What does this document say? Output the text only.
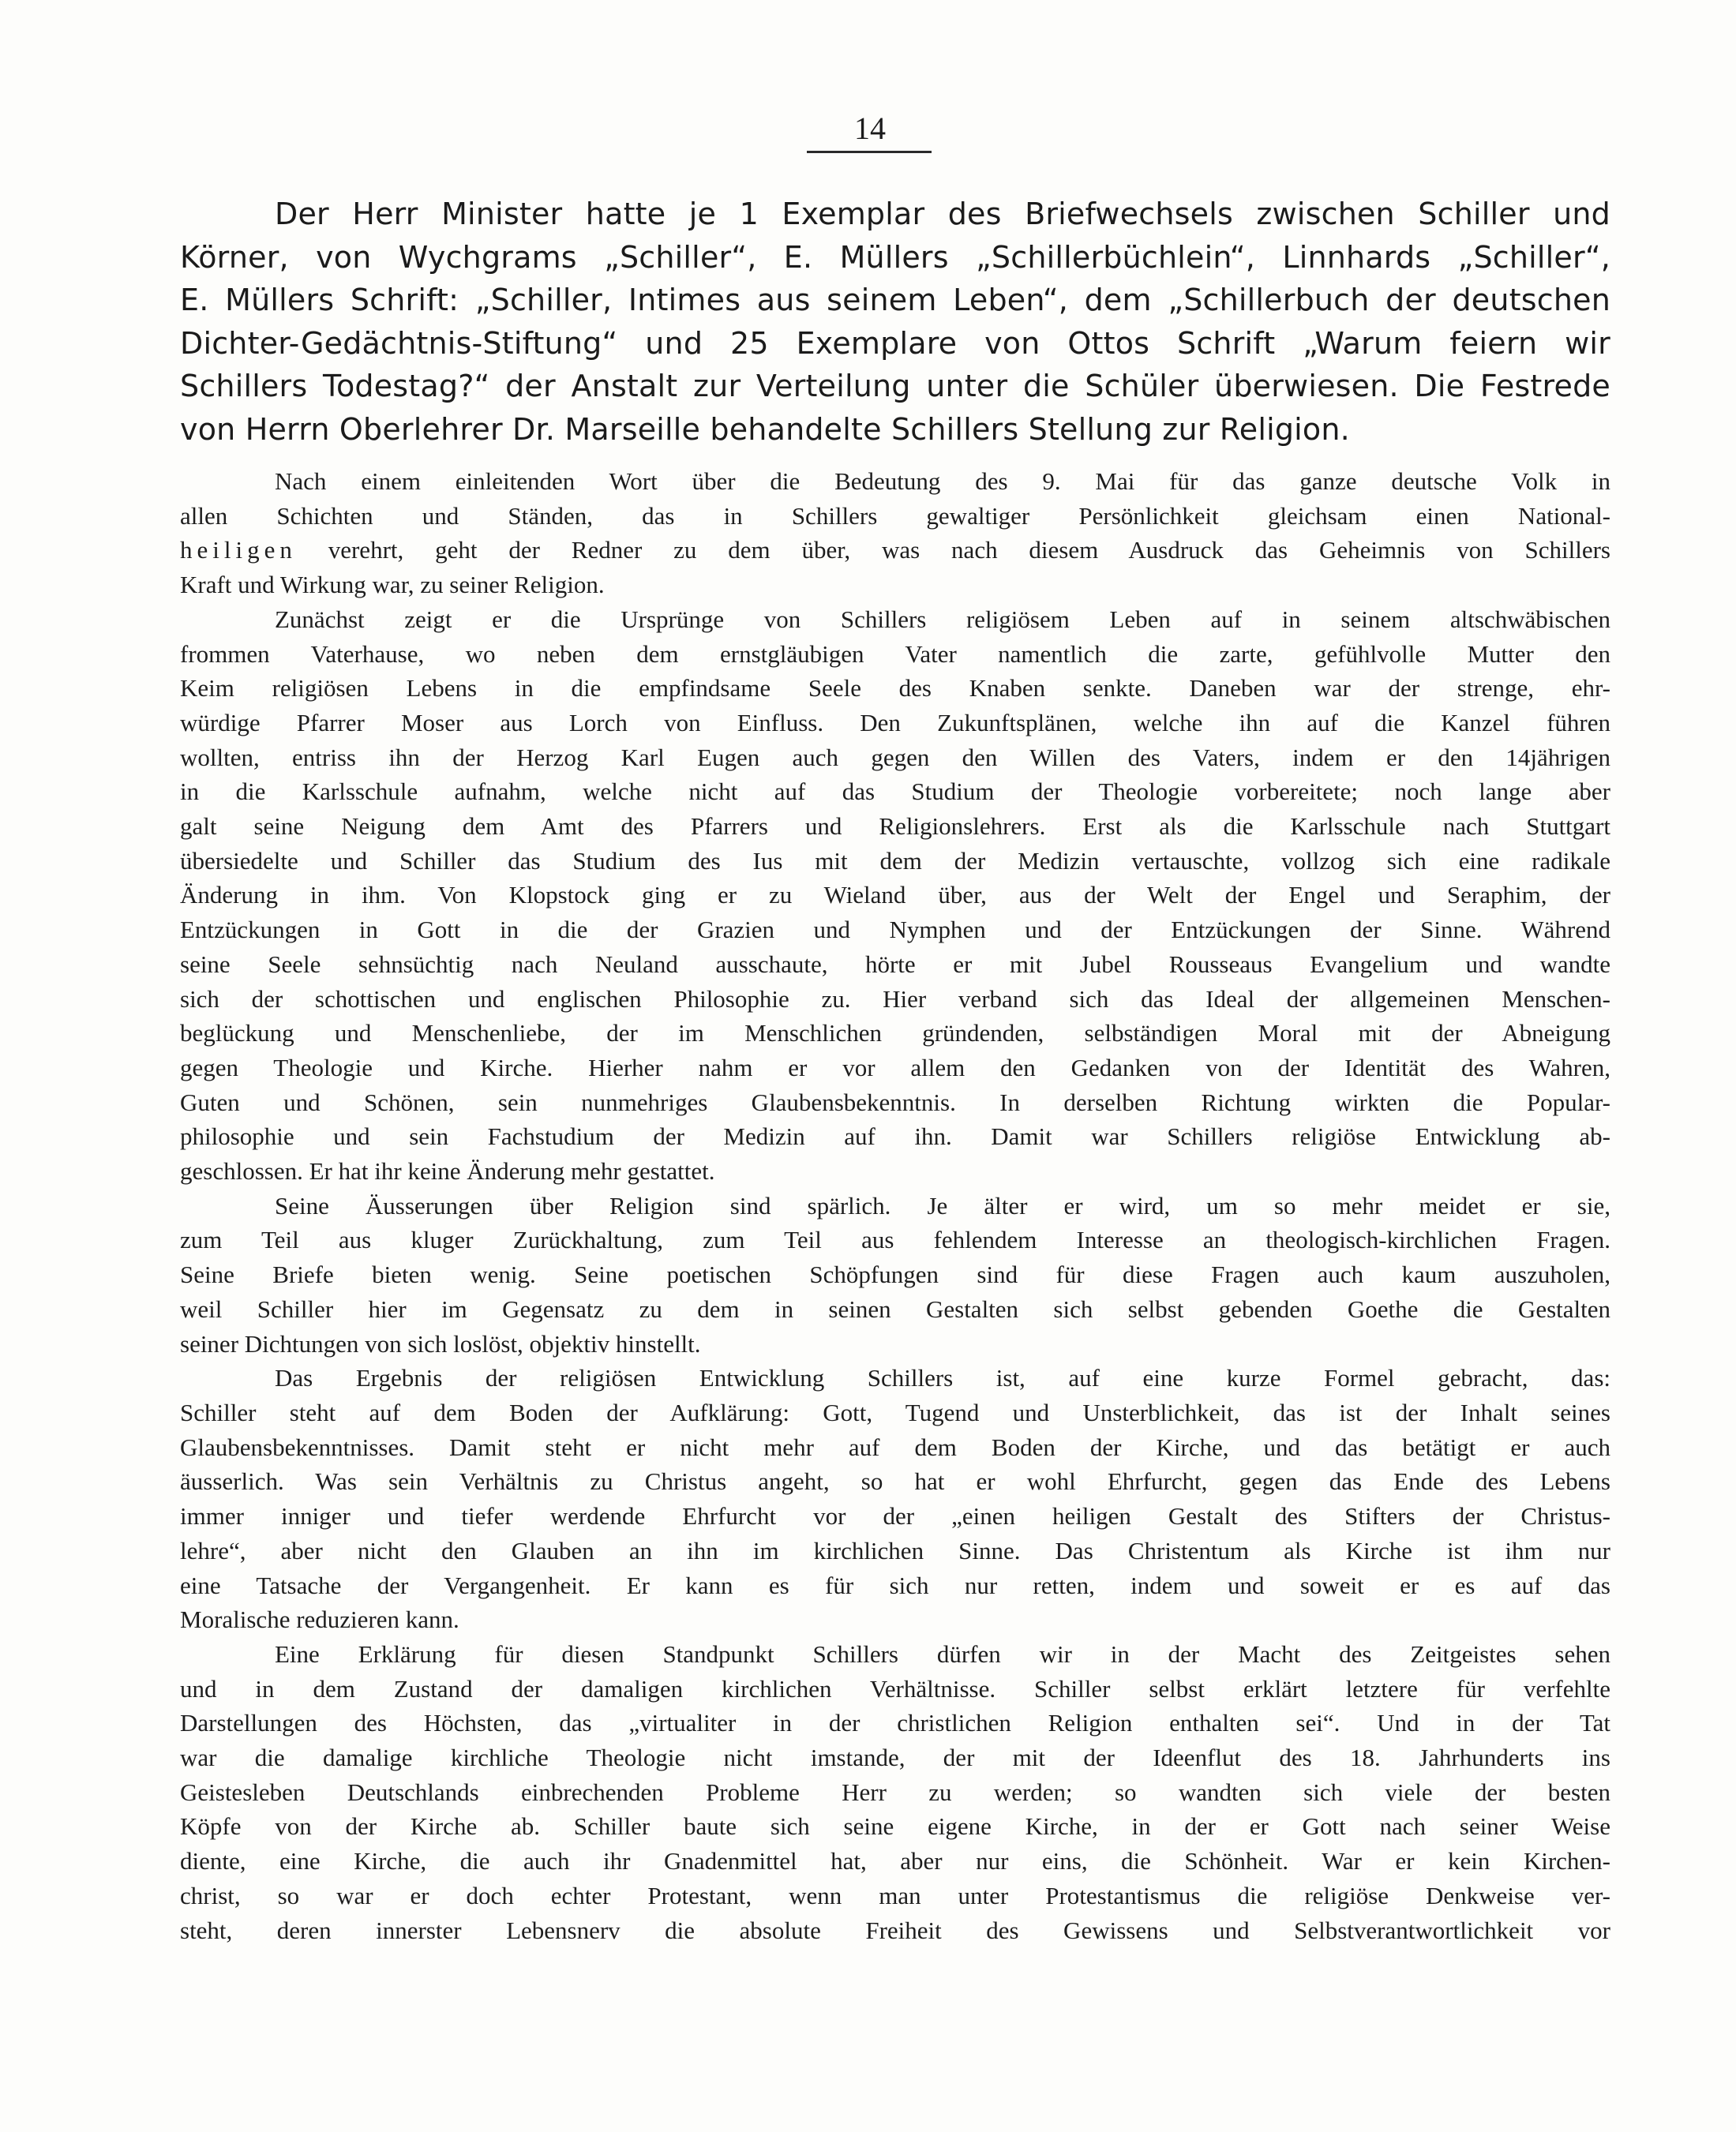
14
Der Herr Minister hatte je 1 Exemplar des Briefwechsels zwischen Schiller und
Körner, von Wychgrams „Schiller“, E. Müllers „Schillerbüchlein“, Linnhards „Schiller“,
E. Müllers Schrift: „Schiller, Intimes aus seinem Leben“, dem „Schillerbuch der deutschen
Dichter-Gedächtnis-Stiftung“ und 25 Exemplare von Ottos Schrift „Warum feiern wir
Schillers Todestag?“ der Anstalt zur Verteilung unter die Schüler überwiesen. Die Festrede
von Herrn Oberlehrer Dr. Marseille behandelte Schillers Stellung zur Religion.
Nach einem einleitenden Wort über die Bedeutung des 9. Mai für das ganze deutsche Volk in
allen Schichten und Ständen, das in Schillers gewaltiger Persönlichkeit gleichsam einen National-
heiligen verehrt, geht der Redner zu dem über, was nach diesem Ausdruck das Geheimnis von Schillers
Kraft und Wirkung war, zu seiner Religion.
Zunächst zeigt er die Ursprünge von Schillers religiösem Leben auf in seinem altschwäbischen
frommen Vaterhause, wo neben dem ernstgläubigen Vater namentlich die zarte, gefühlvolle Mutter den
Keim religiösen Lebens in die empfindsame Seele des Knaben senkte. Daneben war der strenge, ehr-
würdige Pfarrer Moser aus Lorch von Einfluss. Den Zukunftsplänen, welche ihn auf die Kanzel führen
wollten, entriss ihn der Herzog Karl Eugen auch gegen den Willen des Vaters, indem er den 14jährigen
in die Karlsschule aufnahm, welche nicht auf das Studium der Theologie vorbereitete; noch lange aber
galt seine Neigung dem Amt des Pfarrers und Religionslehrers. Erst als die Karlsschule nach Stuttgart
übersiedelte und Schiller das Studium des Ius mit dem der Medizin vertauschte, vollzog sich eine radikale
Änderung in ihm. Von Klopstock ging er zu Wieland über, aus der Welt der Engel und Seraphim, der
Entzückungen in Gott in die der Grazien und Nymphen und der Entzückungen der Sinne. Während
seine Seele sehnsüchtig nach Neuland ausschaute, hörte er mit Jubel Rousseaus Evangelium und wandte
sich der schottischen und englischen Philosophie zu. Hier verband sich das Ideal der allgemeinen Menschen-
beglückung und Menschenliebe, der im Menschlichen gründenden, selbständigen Moral mit der Abneigung
gegen Theologie und Kirche. Hierher nahm er vor allem den Gedanken von der Identität des Wahren,
Guten und Schönen, sein nunmehriges Glaubensbekenntnis. In derselben Richtung wirkten die Popular-
philosophie und sein Fachstudium der Medizin auf ihn. Damit war Schillers religiöse Entwicklung ab-
geschlossen. Er hat ihr keine Änderung mehr gestattet.
Seine Äusserungen über Religion sind spärlich. Je älter er wird, um so mehr meidet er sie,
zum Teil aus kluger Zurückhaltung, zum Teil aus fehlendem Interesse an theologisch-kirchlichen Fragen.
Seine Briefe bieten wenig. Seine poetischen Schöpfungen sind für diese Fragen auch kaum auszuholen,
weil Schiller hier im Gegensatz zu dem in seinen Gestalten sich selbst gebenden Goethe die Gestalten
seiner Dichtungen von sich loslöst, objektiv hinstellt.
Das Ergebnis der religiösen Entwicklung Schillers ist, auf eine kurze Formel gebracht, das:
Schiller steht auf dem Boden der Aufklärung: Gott, Tugend und Unsterblichkeit, das ist der Inhalt seines
Glaubensbekenntnisses. Damit steht er nicht mehr auf dem Boden der Kirche, und das betätigt er auch
äusserlich. Was sein Verhältnis zu Christus angeht, so hat er wohl Ehrfurcht, gegen das Ende des Lebens
immer inniger und tiefer werdende Ehrfurcht vor der „einen heiligen Gestalt des Stifters der Christus-
lehre“, aber nicht den Glauben an ihn im kirchlichen Sinne. Das Christentum als Kirche ist ihm nur
eine Tatsache der Vergangenheit. Er kann es für sich nur retten, indem und soweit er es auf das
Moralische reduzieren kann.
Eine Erklärung für diesen Standpunkt Schillers dürfen wir in der Macht des Zeitgeistes sehen
und in dem Zustand der damaligen kirchlichen Verhältnisse. Schiller selbst erklärt letztere für verfehlte
Darstellungen des Höchsten, das „virtualiter in der christlichen Religion enthalten sei“. Und in der Tat
war die damalige kirchliche Theologie nicht imstande, der mit der Ideenflut des 18. Jahrhunderts ins
Geistesleben Deutschlands einbrechenden Probleme Herr zu werden; so wandten sich viele der besten
Köpfe von der Kirche ab. Schiller baute sich seine eigene Kirche, in der er Gott nach seiner Weise
diente, eine Kirche, die auch ihr Gnadenmittel hat, aber nur eins, die Schönheit. War er kein Kirchen-
christ, so war er doch echter Protestant, wenn man unter Protestantismus die religiöse Denkweise ver-
steht, deren innerster Lebensnerv die absolute Freiheit des Gewissens und Selbstverantwortlichkeit vor
